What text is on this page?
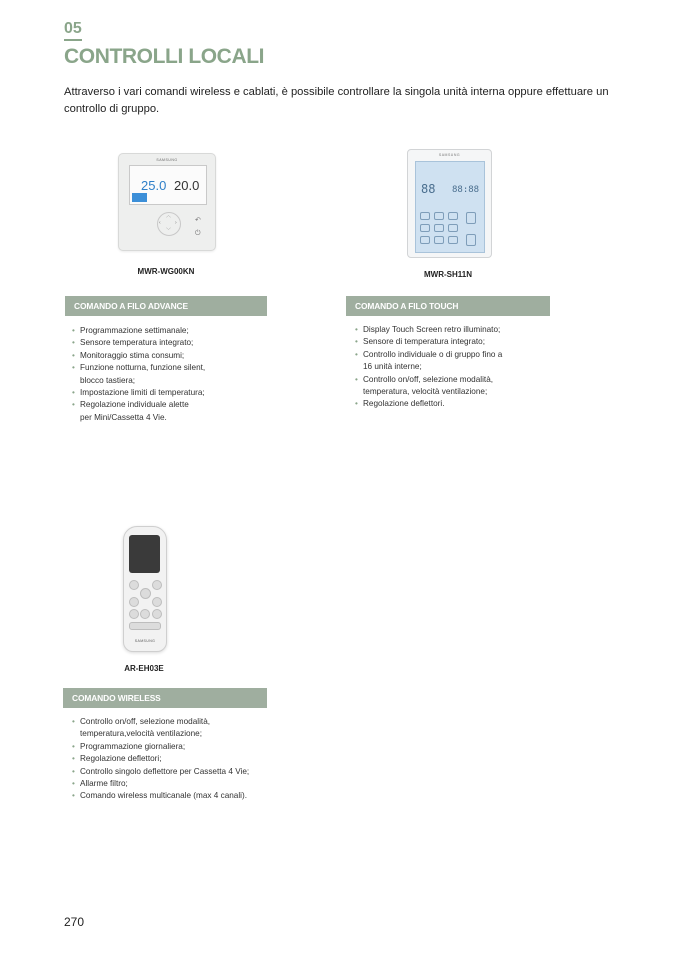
05
CONTROLLI LOCALI

Attraverso i vari comandi wireless e cablati, è possibile controllare la singola unità interna oppure effettuare un controllo di gruppo.

SAMSUNG
25.0 20.0
︿
﹀
‹	›
⏻
↶
MWR-WG00KN
COMANDO A FILO ADVANCE
• Programmazione settimanale;
• Sensore temperatura integrato;
• Monitoraggio stima consumi;
• Funzione notturna, funzione silent,
blocco tastiera;
• Impostazione limiti di temperatura;
• Regolazione individuale alette
per Mini/Cassetta 4 Vie.
SAMSUNG
88 88:88
MWR-SH11N
COMANDO A FILO TOUCH
• Display Touch Screen retro illuminato;
• Sensore di temperatura integrato;
• Controllo individuale o di gruppo fino a
16 unità interne;
• Controllo on/off, selezione modalità,
temperatura, velocità ventilazione;
• Regolazione deflettori.
SAMSUNG
AR-EH03E
COMANDO WIRELESS
• Controllo on/off, selezione modalità,
temperatura,velocità ventilazione;
• Programmazione giornaliera;
• Regolazione deflettori;
• Controllo singolo deflettore per Cassetta 4 Vie;
• Allarme filtro;
• Comando wireless multicanale (max 4 canali).
270
